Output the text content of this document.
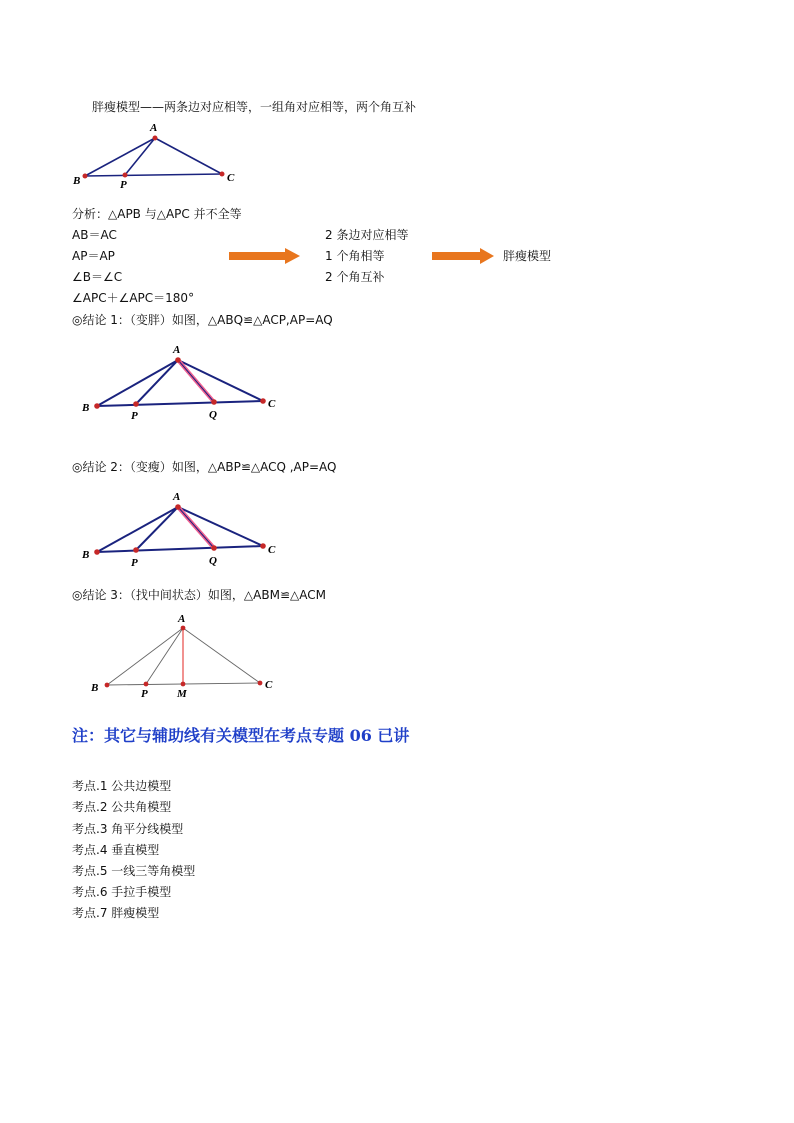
胖瘦模型——两条边对应相等，一组角对应相等，两个角互补
A
B	P
C
分析：△APB 与△APC 并不全等
AB＝AC
AP＝AP
∠B＝∠C
∠APC＋∠APC＝180°
2 条边对应相等
1 个角相等
2 个角互补
胖瘦模型
◎结论 1：（变胖）如图，△ABQ≌△ACP,AP=AQ
A
B
P	Q
C
◎结论 2：（变瘦）如图，△ABP≌△ACQ ,AP=AQ
A
B
P	Q
C
◎结论 3：（找中间状态）如图，△ABM≌△ACM
A
B	P	M
C
注：其它与辅助线有关模型在考点专题 06 已讲
考点.1 公共边模型
考点.2 公共角模型
考点.3 角平分线模型
考点.4 垂直模型
考点.5 一线三等角模型
考点.6 手拉手模型
考点.7 胖瘦模型
